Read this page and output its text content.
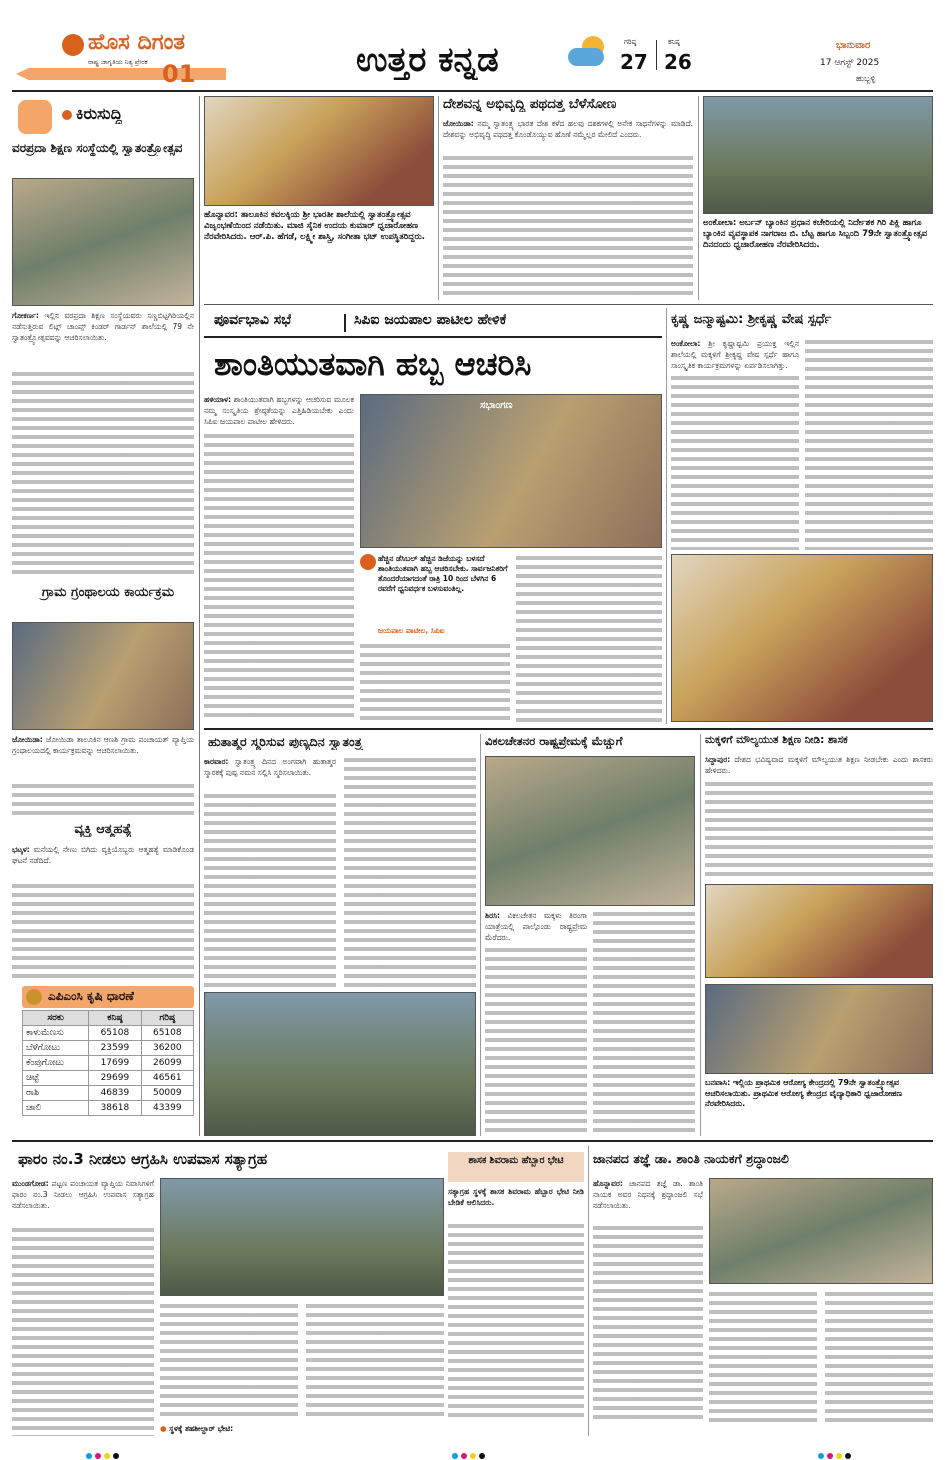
ಹೊಸ ದಿಗಂತ
ರಾಷ್ಟ್ರ ಜಾಗೃತಿಯ ನಿತ್ಯ ಪ್ರೇರಕ 01	ಉತ್ತರ ಕನ್ನಡ	ಗರಿಷ್ಠ
27
ಕನಿಷ್ಠ
26
ಭಾನುವಾರ
17 ಆಗಸ್ಟ್ 2025
ಹುಬ್ಬಳ್ಳಿ
ಕಿರುಸುದ್ದಿ
ವರಪ್ರದಾ ಶಿಕ್ಷಣ ಸಂಸ್ಥೆಯಲ್ಲಿ ಸ್ವಾತಂತ್ರ್ಯೋತ್ಸವ
ಗೋಕರ್ಣ: ಇಲ್ಲಿನ ವರಪ್ರದಾ ಶಿಕ್ಷಣ ಸಂಸ್ಥೆಯವರು ಸಣ್ಣಬಿಟ್ಟಗಿರಿಯಲ್ಲಿನ ನಡೆಸುತ್ತಿರುವ ಲಿಟ್ಲ್ ಚಾಂಪ್ಸ್ ಕಿಂಡರ್ ಗಾರ್ಡನ್ ಶಾಲೆಯಲ್ಲಿ 79 ನೇ ಸ್ವಾತಂತ್ರ್ಯೋತ್ಸವವನ್ನು ಆಚರಿಸಲಾಯಿತು.
ಗ್ರಾಮ ಗ್ರಂಥಾಲಯ ಕಾರ್ಯಕ್ರಮ
ಜೋಯಿಡಾ: ಜೋಯಿಡಾ ತಾಲೂಕಿನ ಆಣಶಿ ಗ್ರಾಮ ಪಂಚಾಯತ್ ವ್ಯಾಪ್ತಿಯ ಗ್ರಂಥಾಲಯದಲ್ಲಿ ಕಾರ್ಯಕ್ರಮವನ್ನು ಆಚರಿಸಲಾಯಿತು.
ವ್ಯಕ್ತಿ ಆತ್ಮಹತ್ಯೆ
ಭಟ್ಕಳ: ಮನೆಯಲ್ಲಿ ನೇಣು ಬಿಗಿದು ವ್ಯಕ್ತಿಯೊಬ್ಬರು ಆತ್ಮಹತ್ಯೆ ಮಾಡಿಕೊಂಡ ಘಟನೆ ನಡೆದಿದೆ.
ಎಪಿಎಂಸಿ ಕೃಷಿ ಧಾರಣೆ
ಸರಕು	ಕನಿಷ್ಠ	ಗರಿಷ್ಠ
ಕಾಳುಮೆಣಸು	65108	65108
ಬೆಳೆಗೋಟು	23599	36200
ಕೆಂಪುಗೋಟು	17699	26099
ಚಿಟ್ಟೆ	29699	46561
ರಾಶಿ	46839	50009
ಚಾಲಿ	38618	43399
ಹೊನ್ನಾವರ: ತಾಲೂಕಿನ ಕವಲಕ್ಕಿಯ ಶ್ರೀ ಭಾರತೀ ಶಾಲೆಯಲ್ಲಿ ಸ್ವಾತಂತ್ರ್ಯೋತ್ಸವ ವಿಜೃಂಭಣೆಯಿಂದ ನಡೆಯಿತು. ಮಾಜಿ ಸೈನಿಕ ಉದಯ ಕುಮಾರ್ ಧ್ವಜಾರೋಹಣ ನೆರವೇರಿಸಿದರು. ಆರ್.ಪಿ. ಹೆಗಡೆ, ಲಕ್ಷ್ಮೀ ಶಾಸ್ತ್ರಿ, ಸಂಗೀತಾ ಭಟ್ ಉಪಸ್ಥಿತರಿದ್ದರು.
ದೇಶವನ್ನ ಅಭಿವೃದ್ಧಿ ಪಥದತ್ತ ಬೆಳೆಸೋಣ
ಜೋಯಿಡಾ: ನಮ್ಮ ಸ್ವಾತಂತ್ರ್ಯ ಭಾರತ ದೇಶ ಕಳೆದ ಹಲವು ದಶಕಗಳಲ್ಲಿ ಅನೇಕ ಸಾಧನೆಗಳನ್ನು ಮಾಡಿದೆ. ದೇಶವನ್ನು ಅಭಿವೃದ್ಧಿ ಪಥದತ್ತ ಕೊಂಡೊಯ್ಯುವ ಹೊಣೆ ನಮ್ಮೆಲ್ಲರ ಮೇಲಿದೆ ಎಂದರು.
ಅಂಕೋಲಾ: ಅರ್ಬನ್ ಬ್ಯಾಂಕಿನ ಪ್ರಧಾನ ಕಚೇರಿಯಲ್ಲಿ ನಿರ್ದೇಶಕ ಗಿರಿ ಪಿಕ್ಲಿ ಹಾಗೂ ಬ್ಯಾಂಕಿನ ವ್ಯವಸ್ಥಾಪಕ ನಾಗರಾಜ ಬಿ. ಬೆಟ್ಟ ಹಾಗೂ ಸಿಬ್ಬಂದಿ 79ನೇ ಸ್ವಾತಂತ್ರ್ಯೋತ್ಸವ ದಿನದಂದು ಧ್ವಜಾರೋಹಣ ನೆರವೇರಿಸಿದರು.
ಪೂರ್ವಭಾವಿ ಸಭೆ	ಸಿಪಿಐ ಜಯಪಾಲ ಪಾಟೀಲ ಹೇಳಿಕೆ
ಶಾಂತಿಯುತವಾಗಿ ಹಬ್ಬ ಆಚರಿಸಿ
ಹಳಿಯಾಳ: ಶಾಂತಿಯುತವಾಗಿ ಹಬ್ಬಗಳನ್ನು ಆಚರಿಸುವ ಮೂಲಕ ನಮ್ಮ ಸಂಸ್ಕೃತಿಯ ಶ್ರೇಷ್ಠತೆಯನ್ನು ಎತ್ತಿಹಿಡಿಯಬೇಕು ಎಂದು ಸಿಪಿಐ ಜಯಪಾಲ ಪಾಟೀಲ ಹೇಳಿದರು.
ಸಭಾಂಗಣ
ಹೆಚ್ಚಿನ ಡೆಸಿಬಲ್ ಹೆಚ್ಚಿನ ಡಿಜೆಯನ್ನು ಬಳಸದೆ ಶಾಂತಿಯುತವಾಗಿ ಹಬ್ಬ ಆಚರಿಸಬೇಕು. ಸಾರ್ವಜನಿಕರಿಗೆ ತೊಂದರೆಯಾಗದಂತೆ ರಾತ್ರಿ 10 ರಿಂದ ಬೆಳಗಿನ 6 ರವರೆಗೆ ಧ್ವನಿವರ್ಧಕ ಬಳಸುವಂತಿಲ್ಲ.
ಜಯಪಾಲ ಪಾಟೀಲ, ಸಿಪಿಐ
ಕೃಷ್ಣ ಜನ್ಮಾಷ್ಟಮಿ: ಶ್ರೀಕೃಷ್ಣ ವೇಷ ಸ್ಪರ್ಧೆ
ಅಂಕೋಲಾ: ಶ್ರೀ ಕೃಷ್ಣಾಷ್ಟಮಿ ಪ್ರಯುಕ್ತ ಇಲ್ಲಿನ ಶಾಲೆಯಲ್ಲಿ ಮಕ್ಕಳಿಗೆ ಶ್ರೀಕೃಷ್ಣ ವೇಷ ಸ್ಪರ್ಧೆ ಹಾಗೂ ಸಾಂಸ್ಕೃತಿಕ ಕಾರ್ಯಕ್ರಮಗಳನ್ನು ಏರ್ಪಡಿಸಲಾಗಿತ್ತು.
ಹುತಾತ್ಮರ ಸ್ಮರಿಸುವ ಪುಣ್ಯದಿನ ಸ್ವಾತಂತ್ರ್ಯ
ಕಾರವಾರ: ಸ್ವಾತಂತ್ರ್ಯ ದಿನದ ಅಂಗವಾಗಿ ಹುತಾತ್ಮರ ಸ್ಮಾರಕಕ್ಕೆ ಪುಷ್ಪ ನಮನ ಸಲ್ಲಿಸಿ ಸ್ಮರಿಸಲಾಯಿತು.
ವಿಕಲಚೇತನರ ರಾಷ್ಟ್ರಪ್ರೇಮಕ್ಕೆ ಮೆಚ್ಚುಗೆ
ಶಿರಸಿ: ವಿಕಲಚೇತನ ಮಕ್ಕಳು ತಿರಂಗಾ ಯಾತ್ರೆಯಲ್ಲಿ ಪಾಲ್ಗೊಂಡು ರಾಷ್ಟ್ರಪ್ರೇಮ ಮೆರೆದರು.
ಮಕ್ಕಳಿಗೆ ಮೌಲ್ಯಯುತ ಶಿಕ್ಷಣ ನೀಡಿ: ಶಾಸಕ
ಸಿದ್ದಾಪುರ: ದೇಶದ ಭವಿಷ್ಯವಾದ ಮಕ್ಕಳಿಗೆ ಮೌಲ್ಯಯುತ ಶಿಕ್ಷಣ ನೀಡಬೇಕು ಎಂದು ಶಾಸಕರು ಹೇಳಿದರು.
ಬನವಾಸಿ: ಇಲ್ಲಿಯ ಪ್ರಾಥಮಿಕ ಆರೋಗ್ಯ ಕೇಂದ್ರದಲ್ಲಿ 79ನೇ ಸ್ವಾತಂತ್ರ್ಯೋತ್ಸವ ಆಚರಿಸಲಾಯಿತು. ಪ್ರಾಥಮಿಕ ಆರೋಗ್ಯ ಕೇಂದ್ರದ ವೈದ್ಯಾಧಿಕಾರಿ ಧ್ವಜಾರೋಹಣ ನೆರವೇರಿಸಿದರು.
ಫಾರಂ ನಂ.3 ನೀಡಲು ಆಗ್ರಹಿಸಿ ಉಪವಾಸ ಸತ್ಯಾಗ್ರಹ
ಮುಂಡಗೋಡ: ಪಟ್ಟಣ ಪಂಚಾಯತ ವ್ಯಾಪ್ತಿಯ ನಿವಾಸಿಗಳಿಗೆ ಫಾರಂ ನಂ.3 ನೀಡಲು ಆಗ್ರಹಿಸಿ ಉಪವಾಸ ಸತ್ಯಾಗ್ರಹ ನಡೆಸಲಾಯಿತು.
● ಸ್ಥಳಕ್ಕೆ ತಹಶೀಲ್ದಾರ್ ಭೇಟಿ:
ಶಾಸಕ ಶಿವರಾಮ ಹೆಬ್ಬಾರ ಭೇಟಿ
ಸತ್ಯಾಗ್ರಹ ಸ್ಥಳಕ್ಕೆ ಶಾಸಕ ಶಿವರಾಮ ಹೆಬ್ಬಾರ ಭೇಟಿ ನೀಡಿ ಬೇಡಿಕೆ ಆಲಿಸಿದರು.
ಜಾನಪದ ತಜ್ಞೆ ಡಾ. ಶಾಂತಿ ನಾಯಕಗೆ ಶ್ರದ್ಧಾಂಜಲಿ
ಹೊನ್ನಾವರ: ಜಾನಪದ ತಜ್ಞೆ ಡಾ. ಶಾಂತಿ ನಾಯಕ ಅವರ ನಿಧನಕ್ಕೆ ಶ್ರದ್ಧಾಂಜಲಿ ಸಭೆ ನಡೆಸಲಾಯಿತು.
